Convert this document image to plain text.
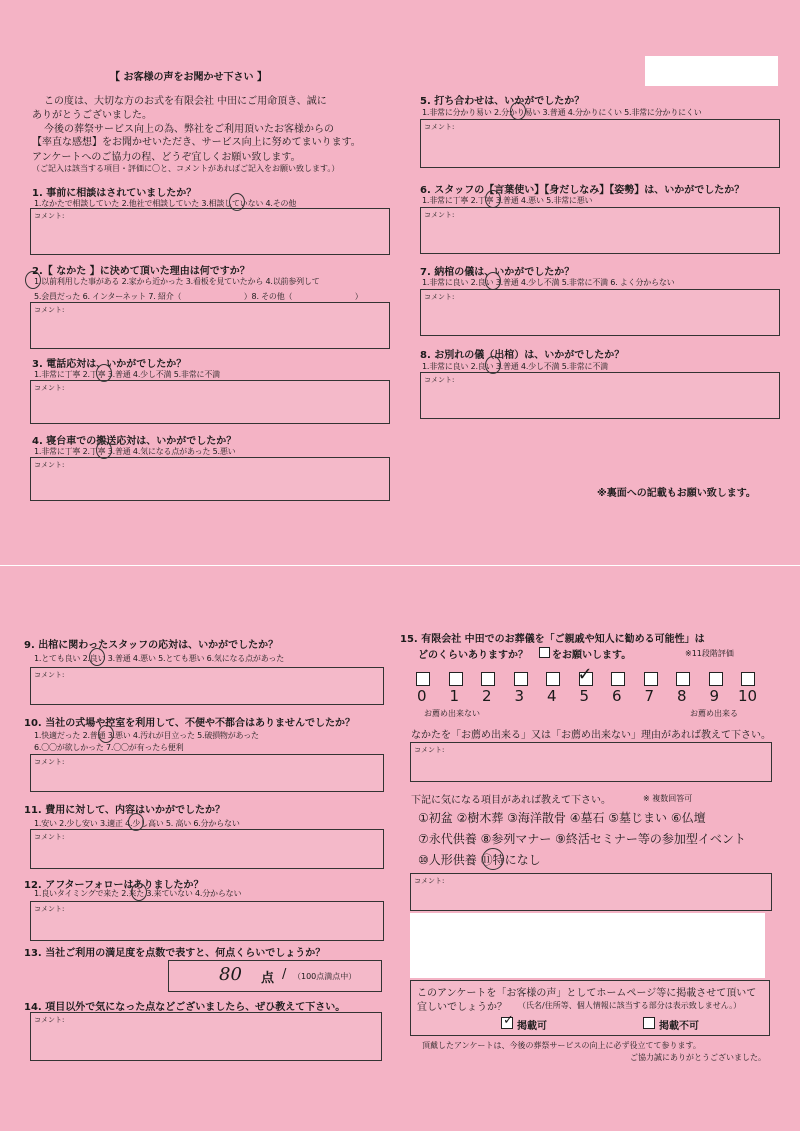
【 お客様の声をお聞かせ下さい 】
この度は、大切な方のお式を有限会社 中田にご用命頂き、誠に
ありがとうございました。
今後の葬祭サービス向上の為、弊社をご利用頂いたお客様からの
【率直な感想】をお聞かせいただき、サービス向上に努めてまいります。
アンケートへのご協力の程、どうぞ宜しくお願い致します。
（ご記入は該当する項目・評価に〇と、コメントがあればご記入をお願い致します。）
1. 事前に相談はされていましたか？
1.なかたで相談していた 2.他社で相談していた 3.相談していない 4.その他
コメント:
2.【 なかた 】に決めて頂いた理由は何ですか？
1.以前利用した事がある 2.家から近かった 3.看板を見ていたから 4.以前参列して
5.会員だった 6. インターネット 7. 紹介（　　　　　　　　）8. その他（　　　　　　　　）
コメント:
3. 電話応対は、いかがでしたか？
1.非常に丁寧 2.丁寧 3.普通 4.少し不満 5.非常に不満
コメント:
4. 寝台車での搬送応対は、いかがでしたか？
1.非常に丁寧 2.丁寧 3.普通 4.気になる点があった 5.悪い
コメント:
5. 打ち合わせは、いかがでしたか？
1.非常に分かり易い 2.分かり易い 3.普通 4.分かりにくい 5.非常に分かりにくい
コメント:
6. スタッフの【言葉使い】【身だしなみ】【姿勢】は、いかがでしたか？
1.非常に丁寧 2.丁寧 3.普通 4.悪い 5.非常に悪い
コメント:
7. 納棺の儀は、いかがでしたか？
1.非常に良い 2.良い 3.普通 4.少し不満 5.非常に不満 6. よく分からない
コメント:
8. お別れの儀（出棺）は、いかがでしたか？
1.非常に良い 2.良い 3.普通 4.少し不満 5.非常に不満
コメント:
※裏面への記載もお願い致します。
9. 出棺に関わったスタッフの応対は、いかがでしたか？
1.とても良い 2.良い 3.普通 4.悪い 5.とても悪い 6.気になる点があった
コメント:
10. 当社の式場や控室を利用して、不便や不都合はありませんでしたか？
1.快適だった 2.普通 3.悪い 4.汚れが目立った 5.破損物があった
6.〇〇が欲しかった 7.〇〇が有ったら便利
コメント:
11. 費用に対して、内容はいかがでしたか？
1.安い 2.少し安い 3.適正 4.少し高い 5. 高い 6.分からない
コメント:
12. アフターフォローはありましたか？
1.良いタイミングで来た 2.来た 3.来ていない 4.分からない
コメント:
13. 当社ご利用の満足度を点数で表すと、何点くらいでしょうか？
80 点 / （100点満点中）
14. 項目以外で気になった点などございましたら、ぜひ教えて下さい。
コメント:
15. 有限会社 中田でのお葬儀を「ご親戚や知人に勧める可能性」は
どのくらいありますか？ をお願いします。	※11段階評価
0 1 2 3 4 5 6 7 8 9 10
✓
お薦め出来ない	お薦め出来る
なかたを「お薦め出来る」又は「お薦め出来ない」理由があれば教えて下さい。
コメント:
下記に気になる項目があれば教えて下さい。	※ 複数回答可
①初盆 ②樹木葬 ③海洋散骨 ④墓石 ⑤墓じまい ⑥仏壇
⑦永代供養 ⑧参列マナー ⑨終活セミナー等の参加型イベント
⑩人形供養 ⑪特になし
コメント:
このアンケートを「お客様の声」としてホームページ等に掲載させて頂いて
宜しいでしょうか？ （氏名/住所等、個人情報に該当する部分は表示致しません。）
✓ 掲載可	掲載不可
頂戴したアンケートは、今後の葬祭サービスの向上に必ず役立てて参ります。
ご協力誠にありがとうございました。
